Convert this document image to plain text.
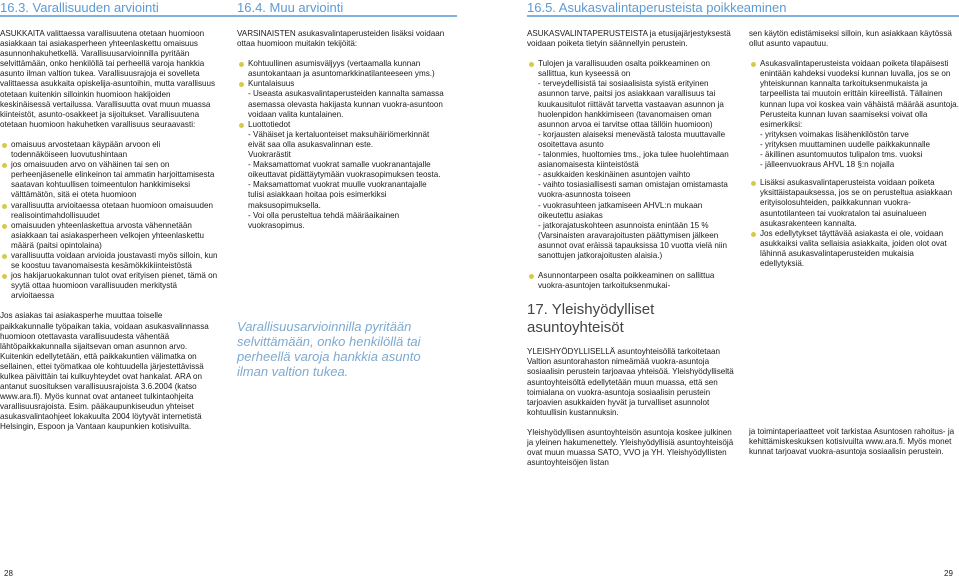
16.3. Varallisuuden arviointi	16.4. Muu arviointi	16.5. Asukasvalintaperusteista poikkeaminen

ASUKKAITA valittaessa varallisuutena otetaan huomioon asiakkaan tai asiakasperheen yhteenlaskettu omaisuus asunnonhakuhetkellä. Varallisuusarvioinnilla pyritään selvittämään, onko henkilöllä tai perheellä varoja hankkia asunto ilman valtion tukea. Varallisuusrajoja ei sovelleta valittaessa asukkaita opiskelija-asuntoihin, mutta varallisuus otetaan kuitenkin silloinkin huomioon hakijoiden keskinäisessä vertailussa. Varallisuutta ovat muun muassa kiinteistöt, asunto-osakkeet ja sijoitukset. Varallisuutena otetaan huomioon hakuhetken varallisuus seuraavasti:

omaisuus arvostetaan käypään arvoon eli todennäköiseen luovutushintaan
jos omaisuuden arvo on vähäinen tai sen on perheenjäsenelle elinkeinon tai ammatin harjoittamisesta saatavan kohtuullisen toimeentulon hankkimiseksi välttämätön, sitä ei oteta huomioon
varallisuutta arvioitaessa otetaan huomioon omaisuuden realisointimahdollisuudet
omaisuuden yhteenlaskettua arvosta vähennetään asiakkaan tai asiakasperheen velkojen yhteenlaskettu määrä (paitsi opintolaina)
varallisuutta voidaan arvioida joustavasti myös silloin, kun se koostuu tavanomaisesta kesämökkikiinteistöstä
jos hakijaruokakunnan tulot ovat erityisen pienet, tämä on syytä ottaa huomioon varallisuuden merkitystä arvioitaessa

Jos asiakas tai asiakasperhe muuttaa toiselle paikkakunnalle työpaikan takia, voidaan asukasvalinnassa huomioon otettavasta varallisuudesta vähentää lähtöpaikkakunnalla sijaitsevan oman asunnon arvo. Kuitenkin edellytetään, että paikkakuntien välimatka on sellainen, ettei työmatkaa ole kohtuudella järjestettävissä kulkea päivittäin tai kulkuyhteydet ovat hankalat. ARA on antanut suosituksen varallisuusrajoista 3.6.2004 (katso www.ara.fi). Myös kunnat ovat antaneet tulkintaohjeita varallisuusrajoista. Esim. pääkaupunkiseudun yhteiset asukasvalintaohjeet lokakuulta 2004 löytyvät internetistä Helsingin, Espoon ja Vantaan kaupunkien kotisivuilta.

VARSINAISTEN asukasvalintaperusteiden lisäksi voidaan ottaa huomioon muitakin tekijöitä:

Kohtuullinen asumisväljyys (vertaamalla kunnan asuntokantaan ja asuntomarkkinatilanteeseen yms.)
Kuntalaisuus
- Useasta asukasvalintaperusteiden kannalta samassa asemassa olevasta hakijasta kunnan vuokra-asuntoon voidaan valita kuntalainen.
Luottotiedot
- Vähäiset ja kertaluonteiset maksuhäiriömerkinnät eivät saa olla asukasvalinnan este.
Vuokrarästit
- Maksamattomat vuokrat samalle vuokranantajalle oikeuttavat pidättäytymään vuokrasopimuksen teosta.
- Maksamattomat vuokrat muulle vuokranantajalle tulisi asiakkaan hoitaa pois esimerkiksi maksusopimuksella.
- Voi olla perusteltua tehdä määräaikainen vuokrasopimus.

Varallisuusarvioinnilla pyritään selvittämään, onko henkilöllä tai perheellä varoja hankkia asunto ilman valtion tukea.

ASUKASVALINTAPERUSTEISTA ja etusijajärjestyksestä voidaan poiketa tietyin säännellyin perustein.

Tulojen ja varallisuuden osalta poikkeaminen on sallittua, kun kyseessä on
- terveydellisistä tai sosiaalisista syistä erityinen asunnon tarve, paitsi jos asiakkaan varallisuus tai kuukausitulot riittävät tarvetta vastaavan asunnon ja huolenpidon hankkimiseen (tavanomaisen oman asunnon arvoa ei tarvitse ottaa tällöin huomioon)
- korjausten alaiseksi menevästä talosta muuttavalle osoitettava asunto
- talonmies, huoltomies tms., joka tulee huolehtimaan asianomaisesta kiinteistöstä
- asukkaiden keskinäinen asuntojen vaihto
- vaihto tosiasiallisesti saman omistajan omistamasta vuokra-asunnosta toiseen
- vuokrasuhteen jatkamiseen AHVL:n mukaan oikeutettu asiakas
- jatkorajatuskohteen asunnoista enintään 15 % (Varsinaisten aravarajoitusten päättymisen jälkeen asunnot ovat eräissä tapauksissa 10 vuotta vielä niin sanottujen jatkorajoitusten alaisia.)
Asunnontarpeen osalta poikkeaminen on sallittua vuokra-asuntojen tarkoituksenmukai-
17. Yleishyödylliset asuntoyhteisöt

YLEISHYÖDYLLISELLÄ asuntoyhteisöllä tarkoitetaan Valtion asuntorahaston nimeämää vuokra-asuntoja sosiaalisin perustein tarjoavaa yhteisöä. Yleishyödylliseltä asuntoyhteisöltä edellytetään muun muassa, että sen toimialana on vuokra-asuntoja sosiaalisin perustein tarjoavien asukkaiden hyvät ja turvalliset asunnolot kohtuullisin kustannuksin.

Yleishyödyllisen asuntoyhteisön asuntoja koskee julkinen ja yleinen hakumenettely. Yleishyödyllisiä asuntoyhteisöjä ovat muun muassa SATO, VVO ja YH. Yleishyödyllisten asuntoyhteisöjen listan

sen käytön edistämiseksi silloin, kun asiakkaan käytössä ollut asunto vapautuu.

Asukasvalintaperusteista voidaan poiketa tilapäisesti enintään kahdeksi vuodeksi kunnan luvalla, jos se on yhteiskunnan kannalta tarkoituksenmukaista ja tarpeellista tai muutoin erittäin kiireellistä. Tällainen kunnan lupa voi koskea vain vähäistä määrää asuntoja. Perusteita kunnan luvan saamiseksi voivat olla esimerkiksi:
- yrityksen voimakas lisähenkilöstön tarve
- yrityksen muuttaminen uudelle paikkakunnalle
- äkillinen asuntomuutos tulipalon tms. vuoksi
- jälleenvuokraus AHVL 18 §:n nojalla
Lisäksi asukasvalintaperusteista voidaan poiketa yksittäistapauksessa, jos se on perusteltua asiakkaan erityisolosuhteiden, paikkakunnan vuokra-asuntotilanteen tai vuokratalon tai asuinalueen asukasrakenteen kannalta.
Jos edellytykset täyttävää asiakasta ei ole, voidaan asukkaiksi valita sellaisia asiakkaita, joiden olot ovat lähinnä asukasvalintaperusteiden mukaisia edellytyksiä.

ja toimintaperiaatteet voit tarkistaa Asuntosen rahoitus- ja kehittämiskeskuksen kotisivuilta www.ara.fi. Myös monet kunnat tarjoavat vuokra-asuntoja sosiaalisin perustein.

28	29
